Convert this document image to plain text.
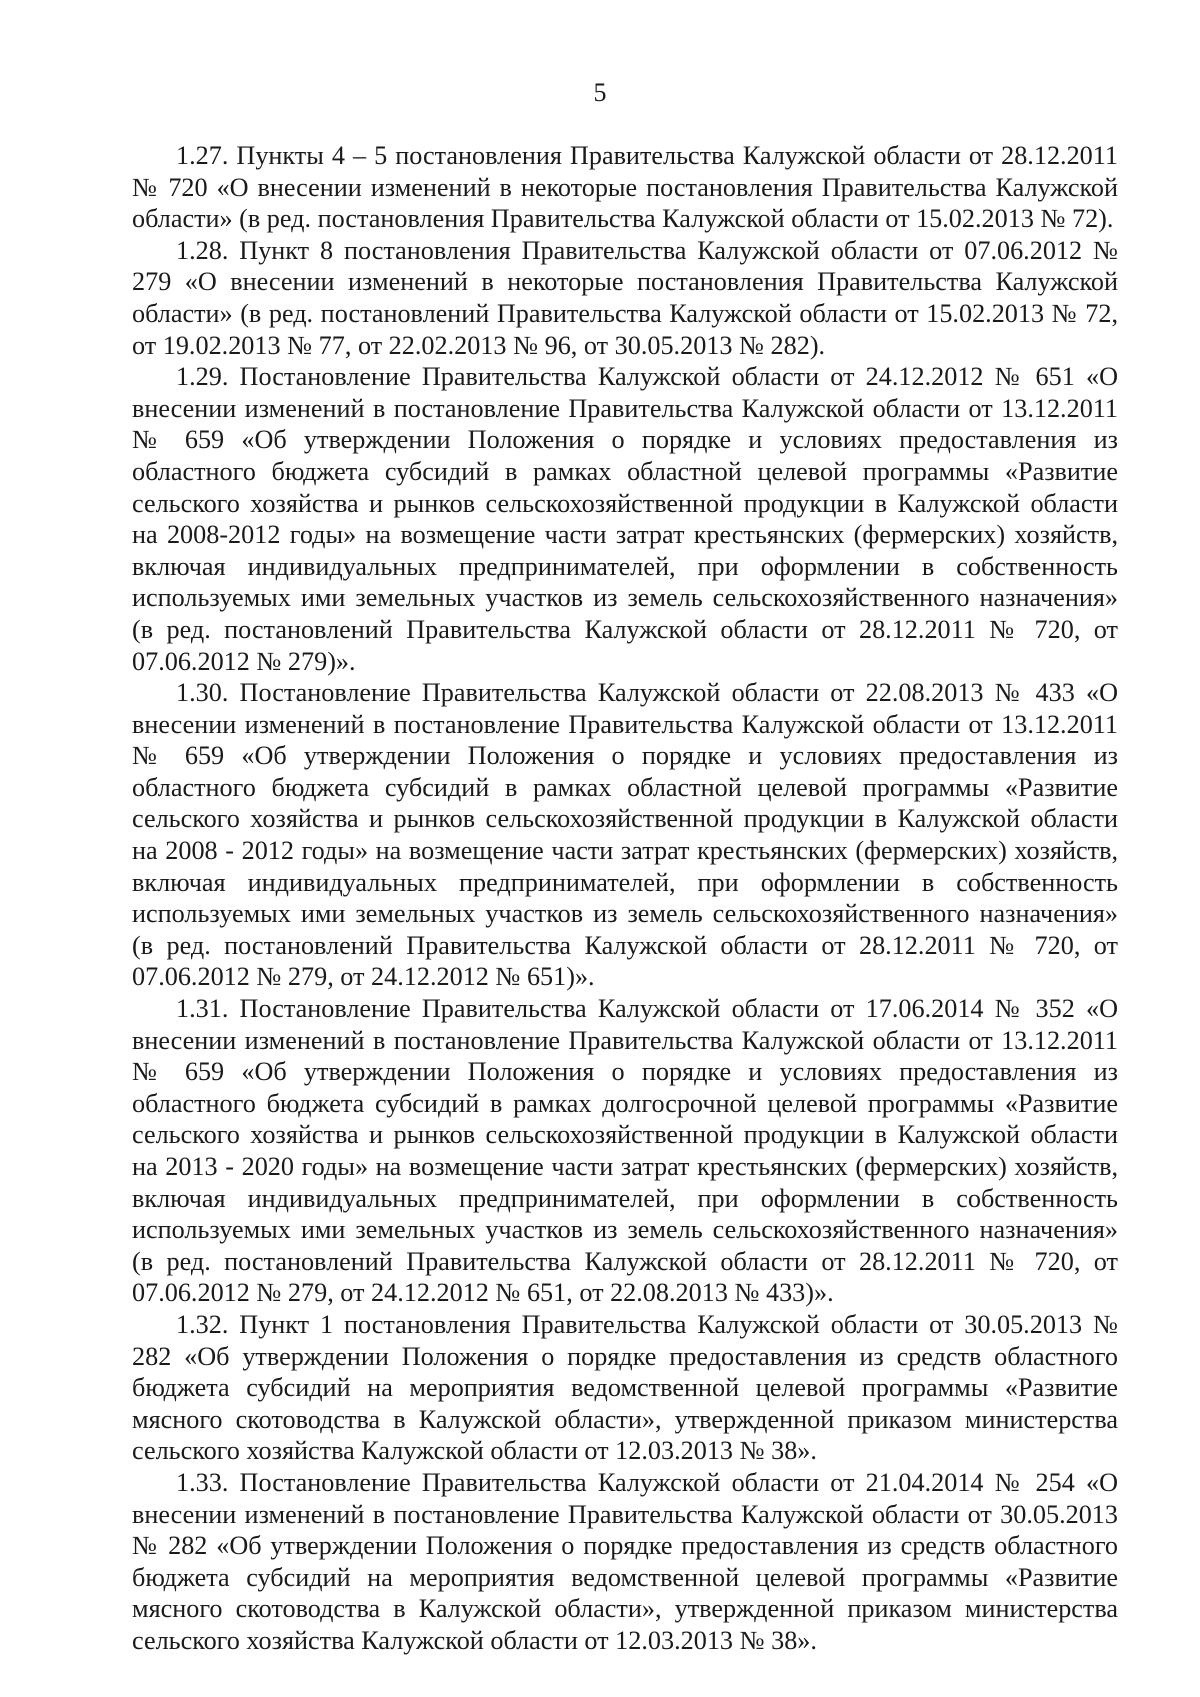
5

1.27. Пункты 4 – 5 постановления Правительства Калужской области от 28.12.2011 № 720 «О внесении изменений в некоторые постановления Правительства Калужской области» (в ред. постановления Правительства Калужской области от 15.02.2013 № 72).

1.28. Пункт 8 постановления Правительства Калужской области от 07.06.2012 № 279 «О внесении изменений в некоторые постановления Правительства Калужской области» (в ред. постановлений Правительства Калужской области от 15.02.2013 № 72, от 19.02.2013 № 77, от 22.02.2013 № 96, от 30.05.2013 № 282).

1.29. Постановление Правительства Калужской области от 24.12.2012 № 651 «О внесении изменений в постановление Правительства Калужской области от 13.12.2011 № 659 «Об утверждении Положения о порядке и условиях предоставления из областного бюджета субсидий в рамках областной целевой программы «Развитие сельского хозяйства и рынков сельскохозяйственной продукции в Калужской области на 2008-2012 годы» на возмещение части затрат крестьянских (фермерских) хозяйств, включая индивидуальных предпринимателей, при оформлении в собственность используемых ими земельных участков из земель сельскохозяйственного назначения» (в ред. постановлений Правительства Калужской области от 28.12.2011 № 720, от 07.06.2012 № 279)».

1.30. Постановление Правительства Калужской области от 22.08.2013 № 433 «О внесении изменений в постановление Правительства Калужской области от 13.12.2011 № 659 «Об утверждении Положения о порядке и условиях предоставления из областного бюджета субсидий в рамках областной целевой программы «Развитие сельского хозяйства и рынков сельскохозяйственной продукции в Калужской области на 2008 - 2012 годы» на возмещение части затрат крестьянских (фермерских) хозяйств, включая индивидуальных предпринимателей, при оформлении в собственность используемых ими земельных участков из земель сельскохозяйственного назначения» (в ред. постановлений Правительства Калужской области от 28.12.2011 № 720, от 07.06.2012 № 279, от 24.12.2012 № 651)».

1.31. Постановление Правительства Калужской области от 17.06.2014 № 352 «О внесении изменений в постановление Правительства Калужской области от 13.12.2011 № 659 «Об утверждении Положения о порядке и условиях предоставления из областного бюджета субсидий в рамках долгосрочной целевой программы «Развитие сельского хозяйства и рынков сельскохозяйственной продукции в Калужской области на 2013 - 2020 годы» на возмещение части затрат крестьянских (фермерских) хозяйств, включая индивидуальных предпринимателей, при оформлении в собственность используемых ими земельных участков из земель сельскохозяйственного назначения» (в ред. постановлений Правительства Калужской области от 28.12.2011 № 720, от 07.06.2012 № 279, от 24.12.2012 № 651, от 22.08.2013 № 433)».

1.32. Пункт 1 постановления Правительства Калужской области от 30.05.2013 № 282 «Об утверждении Положения о порядке предоставления из средств областного бюджета субсидий на мероприятия ведомственной целевой программы «Развитие мясного скотоводства в Калужской области», утвержденной приказом министерства сельского хозяйства Калужской области от 12.03.2013 № 38».

1.33. Постановление Правительства Калужской области от 21.04.2014 № 254 «О внесении изменений в постановление Правительства Калужской области от 30.05.2013 № 282 «Об утверждении Положения о порядке предоставления из средств областного бюджета субсидий на мероприятия ведомственной целевой программы «Развитие мясного скотоводства в Калужской области», утвержденной приказом министерства сельского хозяйства Калужской области от 12.03.2013 № 38».
